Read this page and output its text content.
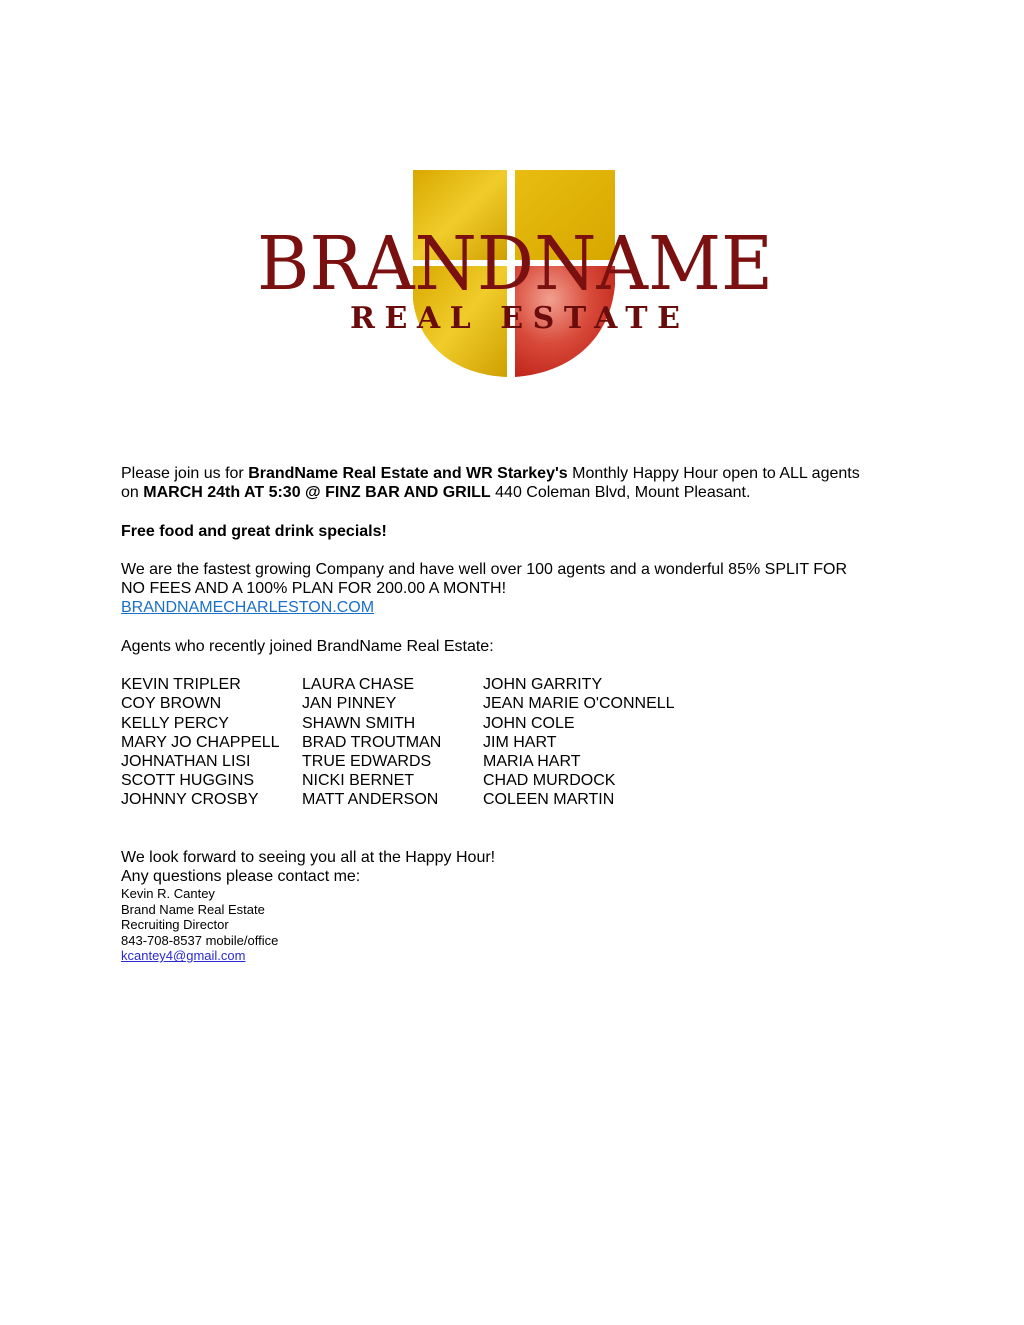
BRANDNAME
REAL ESTATE

Please join us for BrandName Real Estate and WR Starkey's Monthly Happy Hour open to ALL agents
on MARCH 24th AT 5:30 @ FINZ BAR AND GRILL 440 Coleman Blvd, Mount Pleasant.

Free food and great drink specials!

We are the fastest growing Company and have well over 100 agents and a wonderful 85% SPLIT FOR
NO FEES AND A 100% PLAN FOR 200.00 A MONTH!
BRANDNAMECHARLESTON.COM

Agents who recently joined BrandName Real Estate:

KEVIN TRIPLER
COY BROWN
KELLY PERCY
MARY JO CHAPPELL
JOHNATHAN LISI
SCOTT HUGGINS
JOHNNY CROSBY
LAURA CHASE
JAN PINNEY
SHAWN SMITH
BRAD TROUTMAN
TRUE EDWARDS
NICKI BERNET
MATT ANDERSON
JOHN GARRITY
JEAN MARIE O'CONNELL
JOHN COLE
JIM HART
MARIA HART
CHAD MURDOCK
COLEEN MARTIN

We look forward to seeing you all at the Happy Hour!
Any questions please contact me:

Kevin R. Cantey
Brand Name Real Estate
Recruiting Director
843-708-8537 mobile/office
kcantey4@gmail.com
